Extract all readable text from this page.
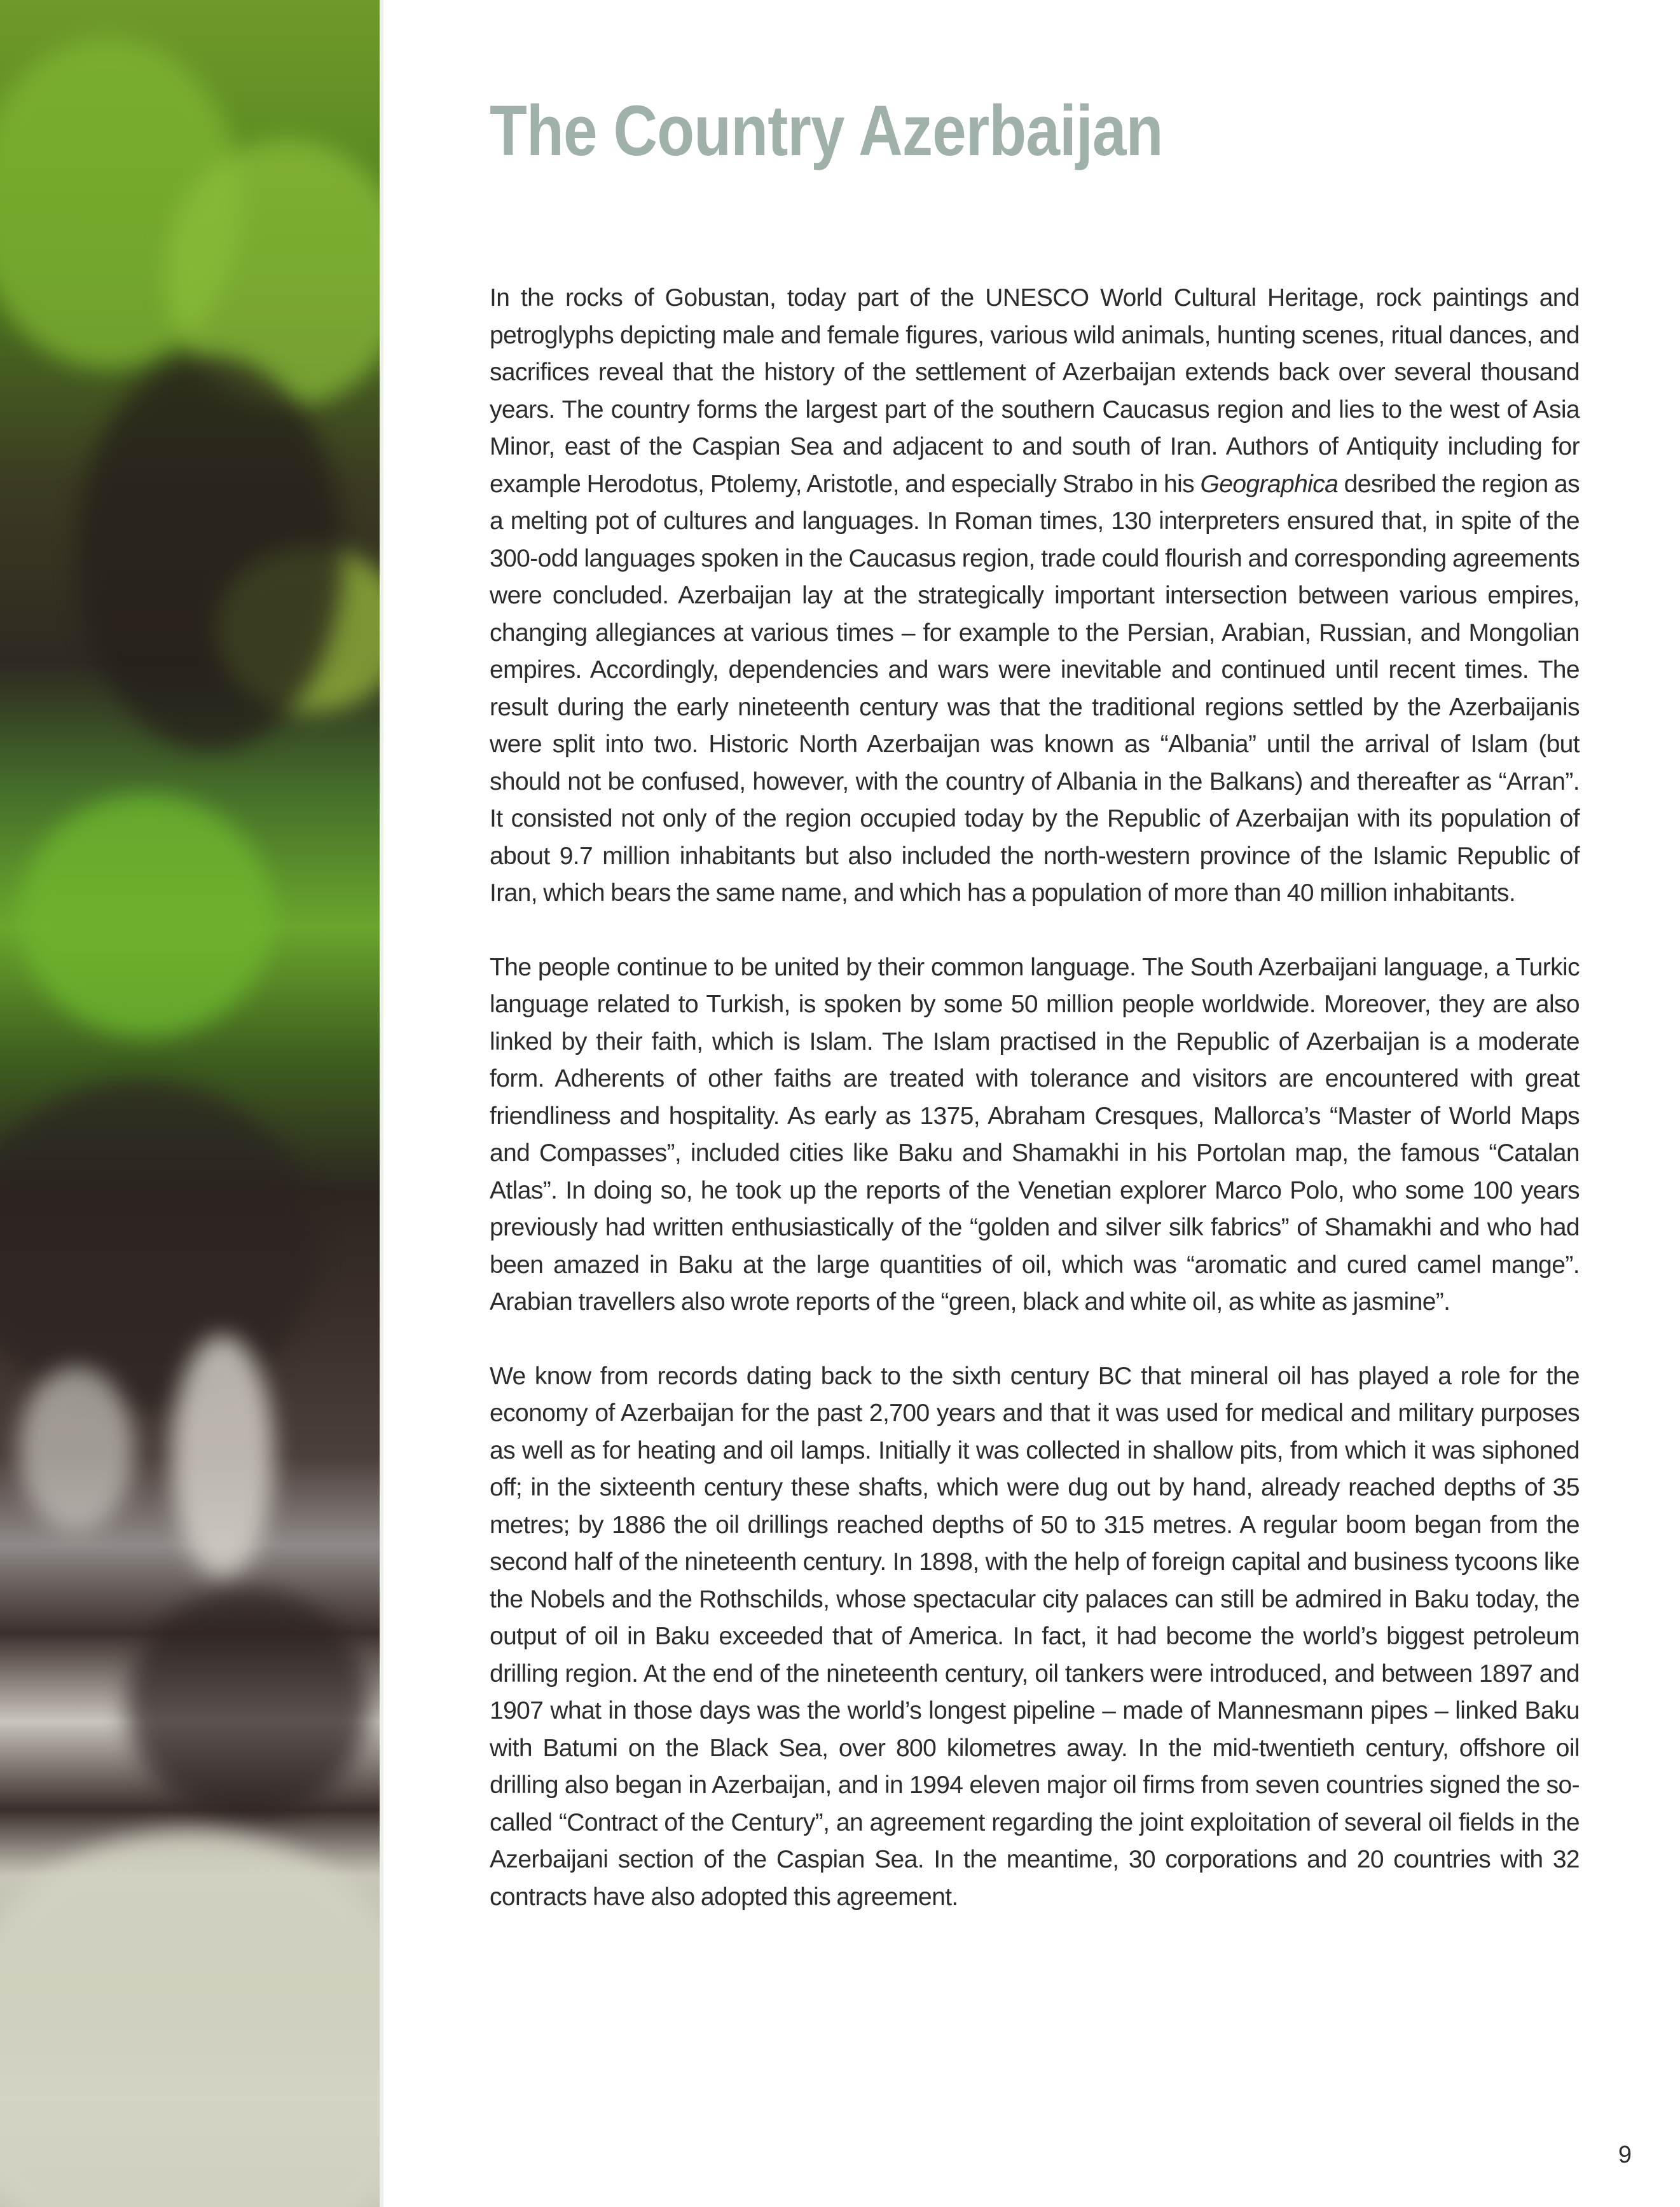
The Country Azerbaijan

In the rocks of Gobustan, today part of the UNESCO World Cultural Heritage, rock paintings and petroglyphs depicting male and female figures, various wild animals, hunting scenes, ritual dances, and sacrifices reveal that the history of the settlement of Azerbaijan extends back over several thousand years. The country forms the largest part of the southern Caucasus region and lies to the west of Asia Minor, east of the Caspian Sea and adjacent to and south of Iran. Authors of Antiquity including for example Herodotus, Ptolemy, Aristotle, and especially Strabo in his Geographica desribed the region as a melting pot of cultures and languages. In Roman times, 130 interpreters ensured that, in spite of the 300-odd languages spoken in the Caucasus region, trade could flourish and corresponding agreements were concluded. Azerbaijan lay at the strategically important intersection between various empires, changing allegiances at various times – for example to the Persian, Arabian, Russian, and Mongolian empires. Accordingly, dependencies and wars were inevitable and continued until recent times. The result during the early nineteenth century was that the traditional regions settled by the Azerbaijanis were split into two. Historic North Azerbaijan was known as “Albania” until the arrival of Islam (but should not be confused, however, with the country of Albania in the Balkans) and thereafter as “Arran”. It consisted not only of the region occupied today by the Republic of Azerbaijan with its population of about 9.7 million inhabitants but also included the north-western province of the Islamic Republic of Iran, which bears the same name, and which has a population of more than 40 million inhabitants.

The people continue to be united by their common language. The South Azerbaijani language, a Turkic language related to Turkish, is spoken by some 50 million people worldwide. Moreover, they are also linked by their faith, which is Islam. The Islam practised in the Republic of Azerbaijan is a moderate form. Adherents of other faiths are treated with tolerance and visitors are encountered with great friendliness and hospitality. As early as 1375, Abraham Cresques, Mallorca’s “Master of World Maps and Compasses”, included cities like Baku and Shamakhi in his Portolan map, the famous “Catalan Atlas”. In doing so, he took up the reports of the Venetian explorer Marco Polo, who some 100 years previously had written enthusiastically of the “golden and silver silk fabrics” of Shamakhi and who had been amazed in Baku at the large quantities of oil, which was “aromatic and cured camel mange”. Arabian travellers also wrote reports of the “green, black and white oil, as white as jasmine”.

We know from records dating back to the sixth century BC that mineral oil has played a role for the economy of Azerbaijan for the past 2,700 years and that it was used for medical and military purposes as well as for heating and oil lamps. Initially it was collected in shallow pits, from which it was siphoned off; in the sixteenth century these shafts, which were dug out by hand, already reached depths of 35 metres; by 1886 the oil drillings reached depths of 50 to 315 metres. A regular boom began from the second half of the nineteenth century. In 1898, with the help of foreign capital and business tycoons like the Nobels and the Rothschilds, whose spectacular city palaces can still be admired in Baku today, the output of oil in Baku exceeded that of America. In fact, it had become the world’s biggest petroleum drilling region. At the end of the nineteenth century, oil tankers were introduced, and between 1897 and 1907 what in those days was the world’s longest pipeline – made of Mannesmann pipes – linked Baku with Batumi on the Black Sea, over 800 kilometres away. In the mid-twentieth century, offshore oil drilling also began in Azerbaijan, and in 1994 eleven major oil firms from seven countries signed the so-called “Contract of the Century”, an agreement regarding the joint exploitation of several oil fields in the Azerbaijani section of the Caspian Sea. In the meantime, 30 corporations and 20 countries with 32 contracts have also adopted this agreement.

9
